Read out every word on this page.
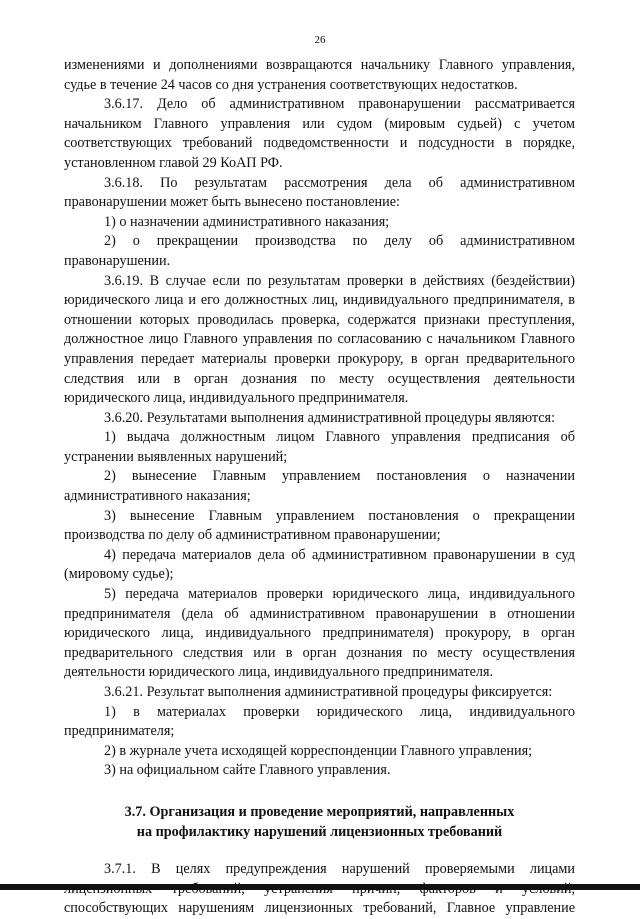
26

изменениями и дополнениями возвращаются начальнику Главного управления, судье в течение 24 часов со дня устранения соответствующих недостатков.

3.6.17. Дело об административном правонарушении рассматривается начальником Главного управления или судом (мировым судьей) с учетом соответствующих требований подведомственности и подсудности в порядке, установленном главой 29 КоАП РФ.

3.6.18. По результатам рассмотрения дела об административном правонарушении может быть вынесено постановление:

1) о назначении административного наказания;

2) о прекращении производства по делу об административном правонарушении.

3.6.19. В случае если по результатам проверки в действиях (бездействии) юридического лица и его должностных лиц, индивидуального предпринимателя, в отношении которых проводилась проверка, содержатся признаки преступления, должностное лицо Главного управления по согласованию с начальником Главного управления передает материалы проверки прокурору, в орган предварительного следствия или в орган дознания по месту осуществления деятельности юридического лица, индивидуального предпринимателя.

3.6.20. Результатами выполнения административной процедуры являются:

1) выдача должностным лицом Главного управления предписания об устранении выявленных нарушений;

2) вынесение Главным управлением постановления о назначении административного наказания;

3) вынесение Главным управлением постановления о прекращении производства по делу об административном правонарушении;

4) передача материалов дела об административном правонарушении в суд (мировому судье);

5) передача материалов проверки юридического лица, индивидуального предпринимателя (дела об административном правонарушении в отношении юридического лица, индивидуального предпринимателя) прокурору, в орган предварительного следствия или в орган дознания по месту осуществления деятельности юридического лица, индивидуального предпринимателя.

3.6.21. Результат выполнения административной процедуры фиксируется:

1) в материалах проверки юридического лица, индивидуального предпринимателя;

2) в журнале учета исходящей корреспонденции Главного управления;

3) на официальном сайте Главного управления.

3.7. Организация и проведение мероприятий, направленных
на профилактику нарушений лицензионных требований

3.7.1. В целях предупреждения нарушений проверяемыми лицами способствующих нарушениям лицензионных требований, Главное управление
